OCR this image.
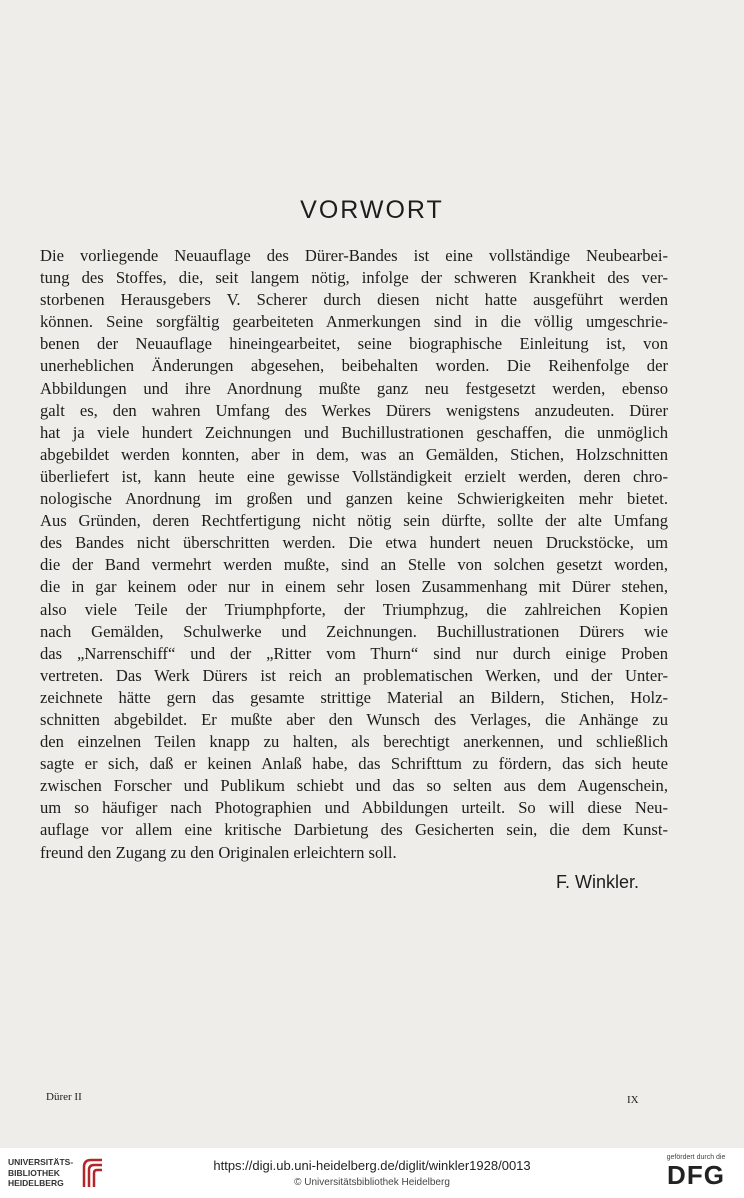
VORWORT
Die vorliegende Neuauflage des Dürer-Bandes ist eine vollständige Neubearbei-
tung des Stoffes, die, seit langem nötig, infolge der schweren Krankheit des ver-
storbenen Herausgebers V. Scherer durch diesen nicht hatte ausgeführt werden
können. Seine sorgfältig gearbeiteten Anmerkungen sind in die völlig umgeschrie-
benen der Neuauflage hineingearbeitet, seine biographische Einleitung ist, von
unerheblichen Änderungen abgesehen, beibehalten worden. Die Reihenfolge der
Abbildungen und ihre Anordnung mußte ganz neu festgesetzt werden, ebenso
galt es, den wahren Umfang des Werkes Dürers wenigstens anzudeuten. Dürer
hat ja viele hundert Zeichnungen und Buchillustrationen geschaffen, die unmöglich
abgebildet werden konnten, aber in dem, was an Gemälden, Stichen, Holzschnitten
überliefert ist, kann heute eine gewisse Vollständigkeit erzielt werden, deren chro-
nologische Anordnung im großen und ganzen keine Schwierigkeiten mehr bietet.
Aus Gründen, deren Rechtfertigung nicht nötig sein dürfte, sollte der alte Umfang
des Bandes nicht überschritten werden. Die etwa hundert neuen Druckstöcke, um
die der Band vermehrt werden mußte, sind an Stelle von solchen gesetzt worden,
die in gar keinem oder nur in einem sehr losen Zusammenhang mit Dürer stehen,
also viele Teile der Triumphpforte, der Triumphzug, die zahlreichen Kopien
nach Gemälden, Schulwerke und Zeichnungen. Buchillustrationen Dürers wie
das „Narrenschiff“ und der „Ritter vom Thurn“ sind nur durch einige Proben
vertreten. Das Werk Dürers ist reich an problematischen Werken, und der Unter-
zeichnete hätte gern das gesamte strittige Material an Bildern, Stichen, Holz-
schnitten abgebildet. Er mußte aber den Wunsch des Verlages, die Anhänge zu
den einzelnen Teilen knapp zu halten, als berechtigt anerkennen, und schließlich
sagte er sich, daß er keinen Anlaß habe, das Schrifttum zu fördern, das sich heute
zwischen Forscher und Publikum schiebt und das so selten aus dem Augenschein,
um so häufiger nach Photographien und Abbildungen urteilt. So will diese Neu-
auflage vor allem eine kritische Darbietung des Gesicherten sein, die dem Kunst-
freund den Zugang zu den Originalen erleichtern soll.
F. Winkler.
Dürer II	IX
UNIVERSITÄTS-
BIBLIOTHEK
HEIDELBERG
https://digi.ub.uni-heidelberg.de/diglit/winkler1928/0013
© Universitätsbibliothek Heidelberg
gefördert durch die
DFG
